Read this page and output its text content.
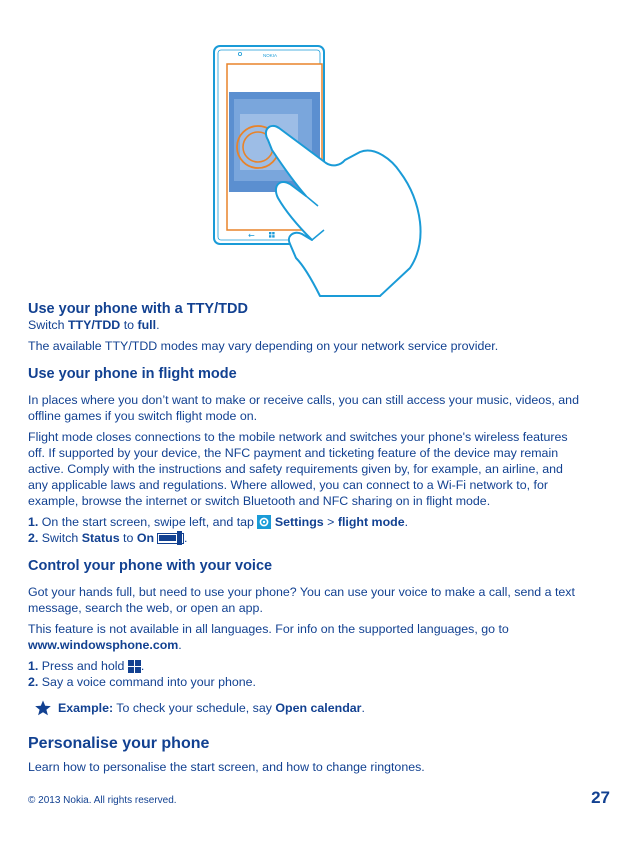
NOKIA
←
Use your phone with a TTY/TDD

Switch TTY/TDD to full.

The available TTY/TDD modes may vary depending on your network service provider.

Use your phone in flight mode

In places where you don’t want to make or receive calls, you can still access your music, videos, and
offline games if you switch flight mode on.

Flight mode closes connections to the mobile network and switches your phone's wireless features
off. If supported by your device, the NFC payment and ticketing feature of the device may remain
active. Comply with the instructions and safety requirements given by, for example, an airline, and
any applicable laws and regulations. Where allowed, you can connect to a Wi-Fi network to, for
example, browse the internet or switch Bluetooth and NFC sharing on in flight mode.

1. On the start screen, swipe left, and tap  Settings > flight mode.

2. Switch Status to On .

Control your phone with your voice

Got your hands full, but need to use your phone? You can use your voice to make a call, send a text
message, search the web, or open an app.

This feature is not available in all languages. For info on the supported languages, go to
www.windowsphone.com.

1. Press and hold .

2. Say a voice command into your phone.

Example: To check your schedule, say Open calendar.

Personalise your phone

Learn how to personalise the start screen, and how to change ringtones.

© 2013 Nokia. All rights reserved.	27
